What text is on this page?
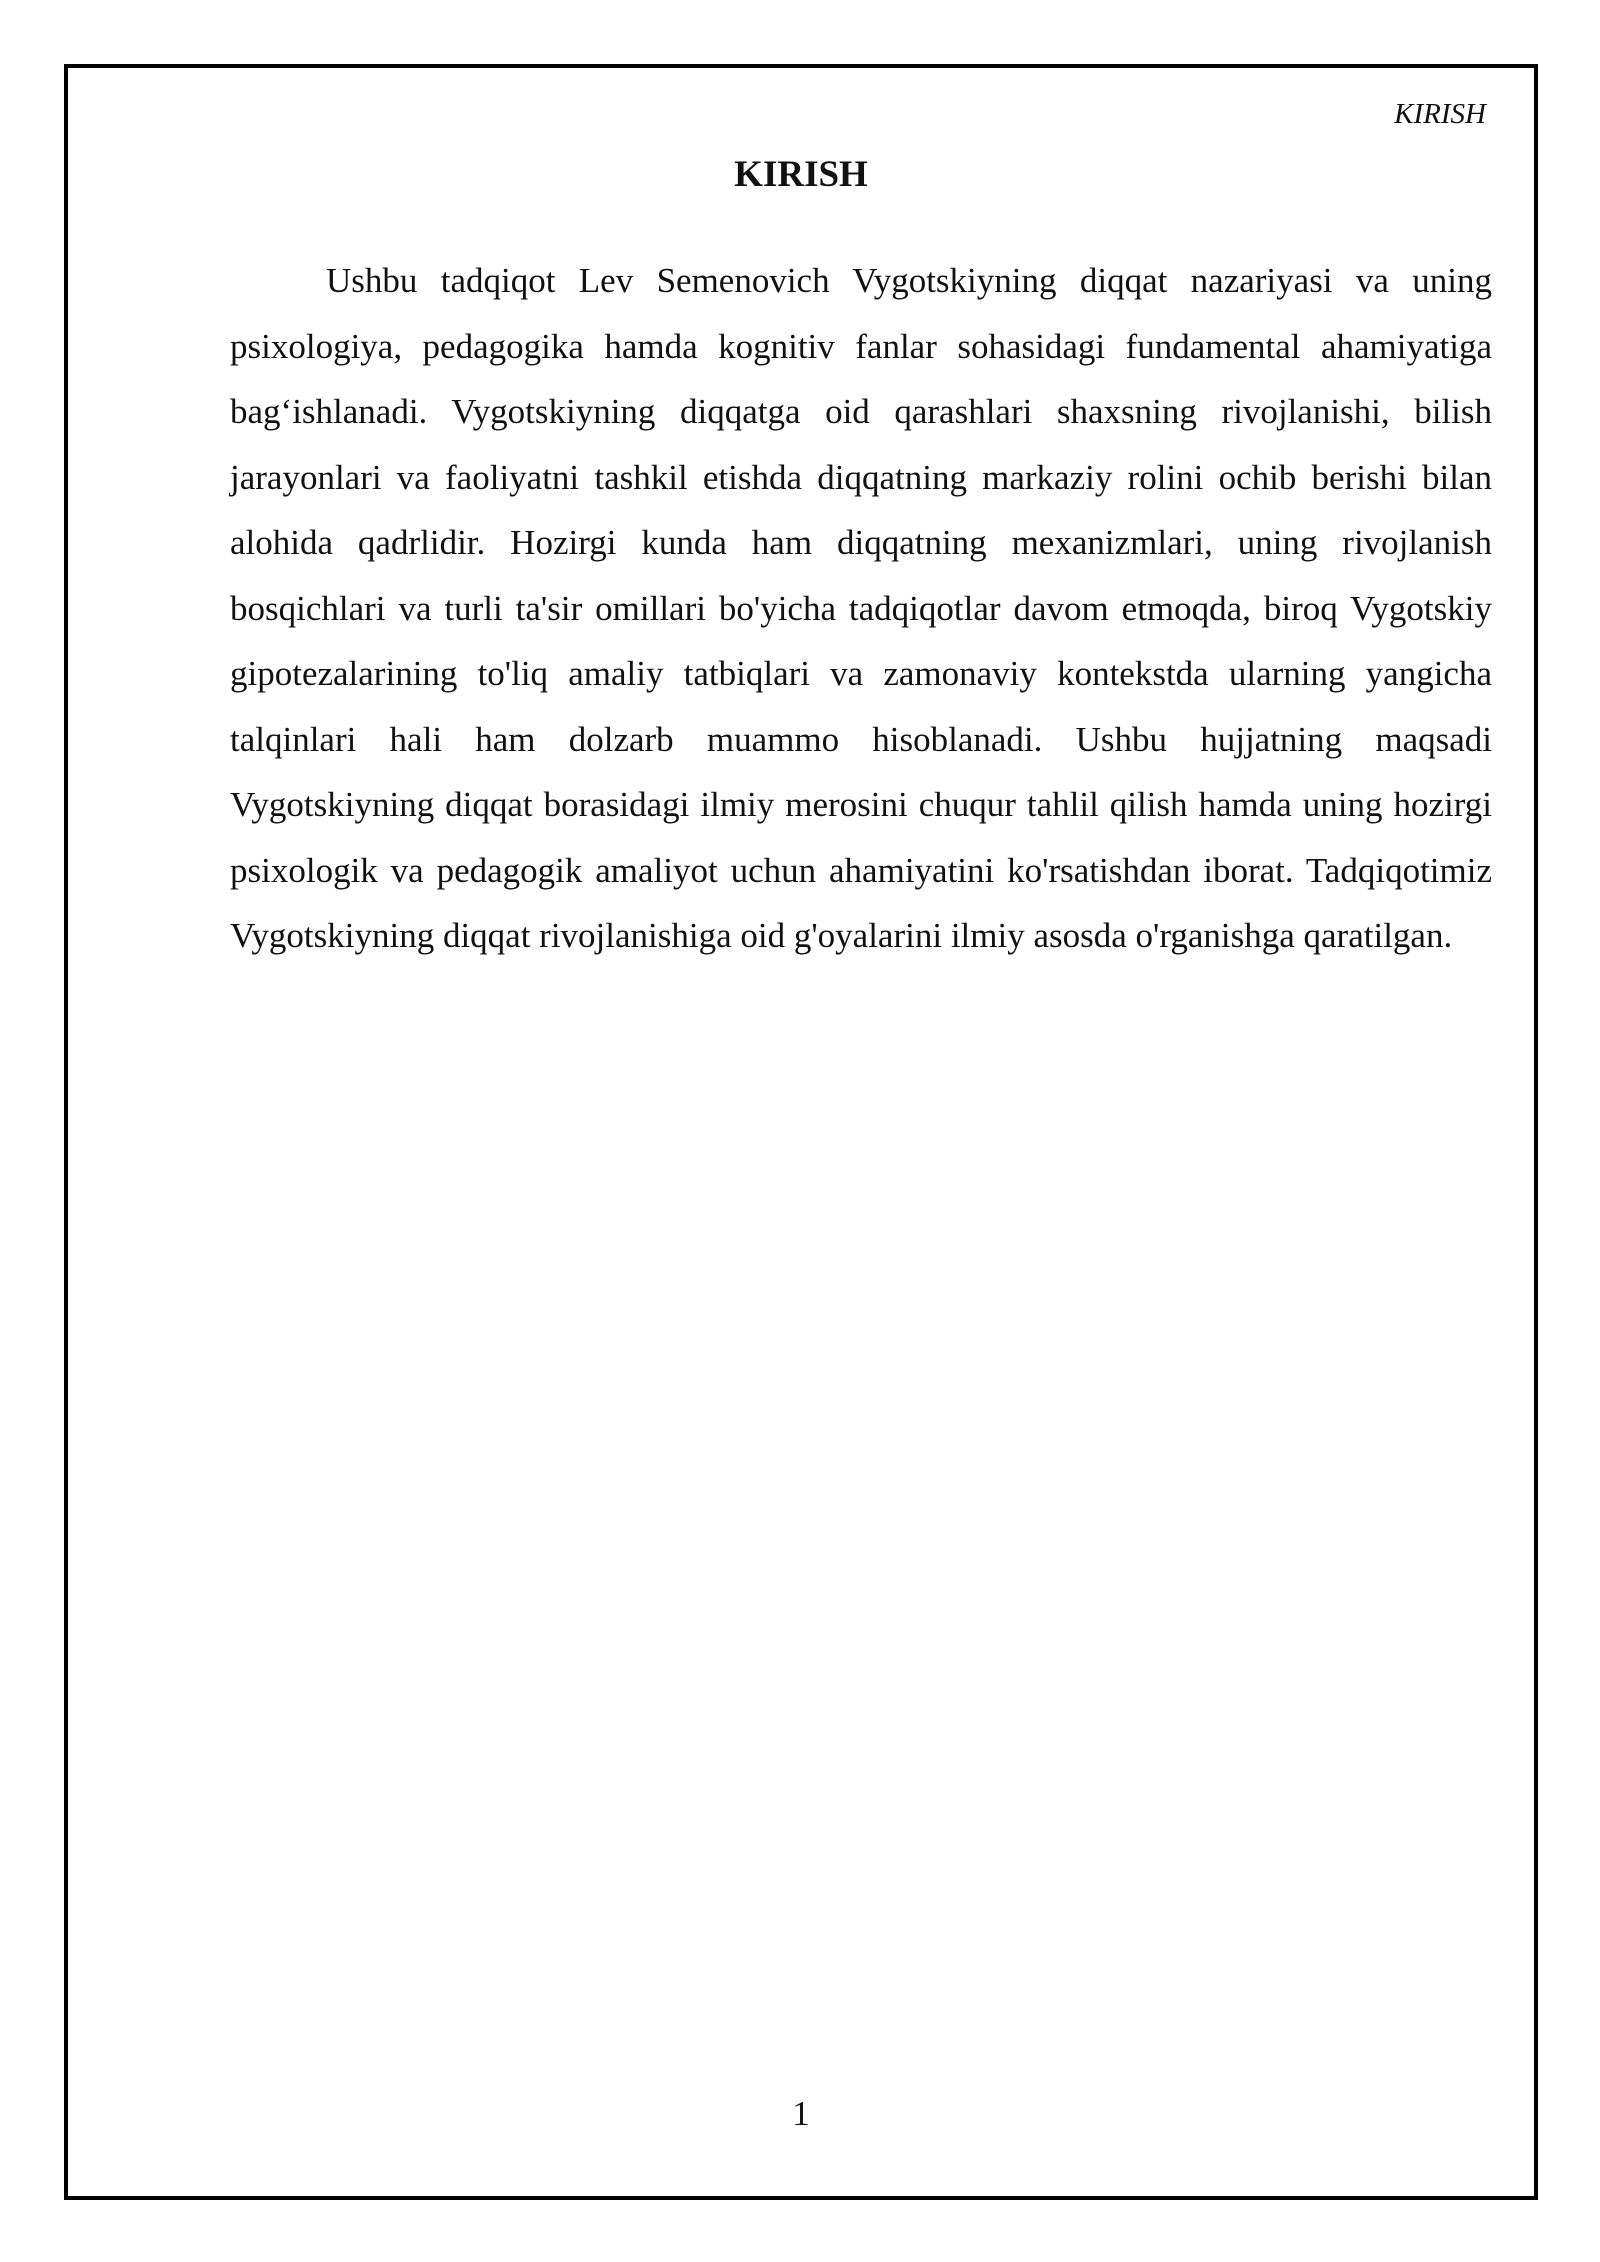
KIRISH
KIRISH

Ushbu tadqiqot Lev Semenovich Vygotskiyning diqqat nazariyasi va uning psixologiya, pedagogika hamda kognitiv fanlar sohasidagi fundamental ahamiyatiga bag‘ishlanadi. Vygotskiyning diqqatga oid qarashlari shaxsning rivojlanishi, bilish jarayonlari va faoliyatni tashkil etishda diqqatning markaziy rolini ochib berishi bilan alohida qadrlidir. Hozirgi kunda ham diqqatning mexanizmlari, uning rivojlanish bosqichlari va turli ta'sir omillari bo'yicha tadqiqotlar davom etmoqda, biroq Vygotskiy gipotezalarining to'liq amaliy tatbiqlari va zamonaviy kontekstda ularning yangicha talqinlari hali ham dolzarb muammo hisoblanadi. Ushbu hujjatning maqsadi Vygotskiyning diqqat borasidagi ilmiy merosini chuqur tahlil qilish hamda uning hozirgi psixologik va pedagogik amaliyot uchun ahamiyatini ko'rsatishdan iborat. Tadqiqotimiz Vygotskiyning diqqat rivojlanishiga oid g'oyalarini ilmiy asosda o'rganishga qaratilgan.

1
